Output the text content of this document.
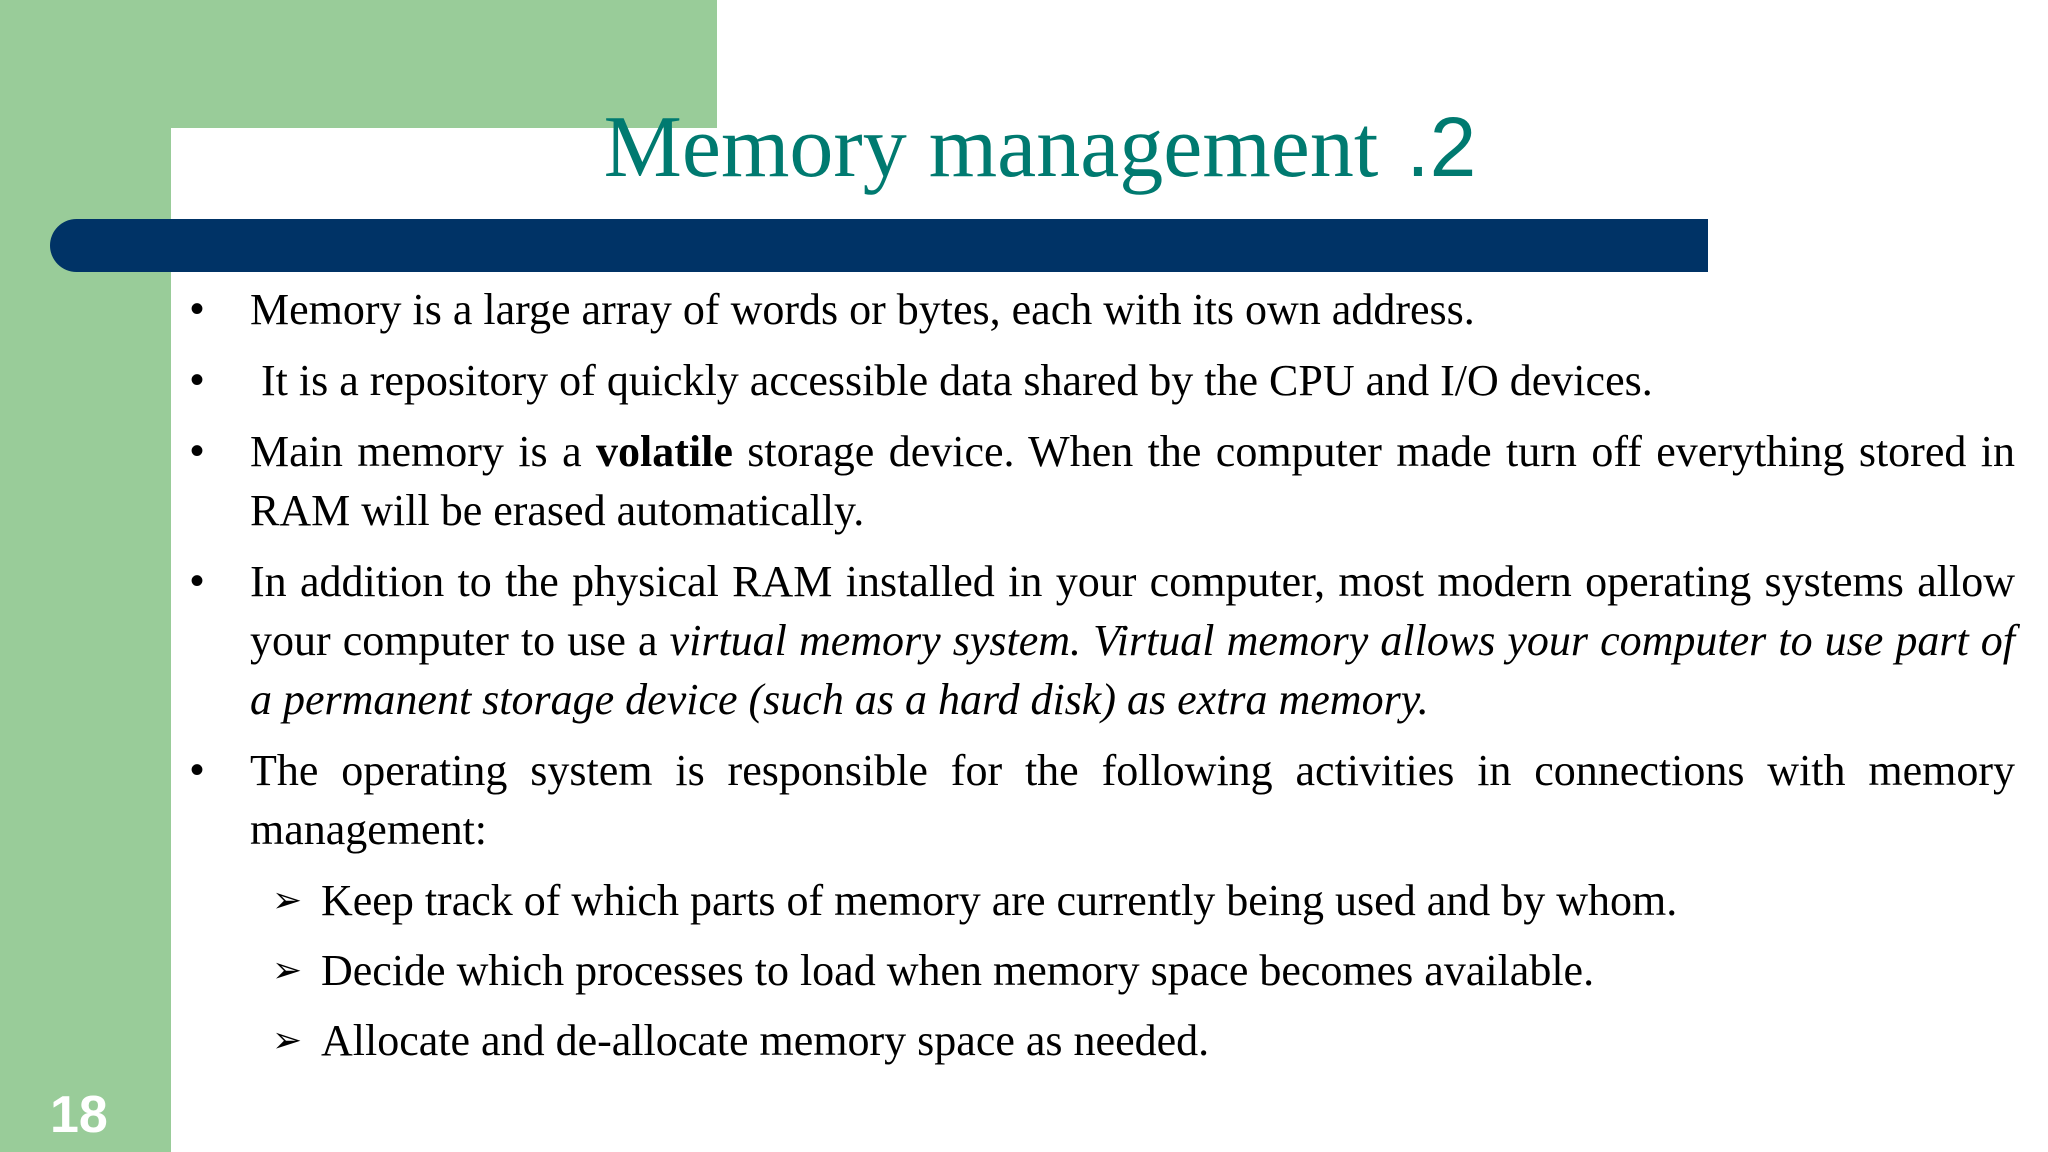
Memory management .2
18
•	Memory is a large array of words or bytes, each with its own address.
•	It is a repository of quickly accessible data shared by the CPU and I/O devices.
•	Main memory is a volatile storage device. When the computer made turn off everything stored in RAM will be erased automatically.
•	In addition to the physical RAM installed in your computer, most modern operating systems allow your computer to use a virtual memory system. Virtual memory allows your computer to use part of a permanent storage device (such as a hard disk) as extra memory.
•	The operating system is responsible for the following activities in connections with memory management:
➢ Keep track of which parts of memory are currently being used and by whom.
➢ Decide which processes to load when memory space becomes available.
➢ Allocate and de-allocate memory space as needed.
